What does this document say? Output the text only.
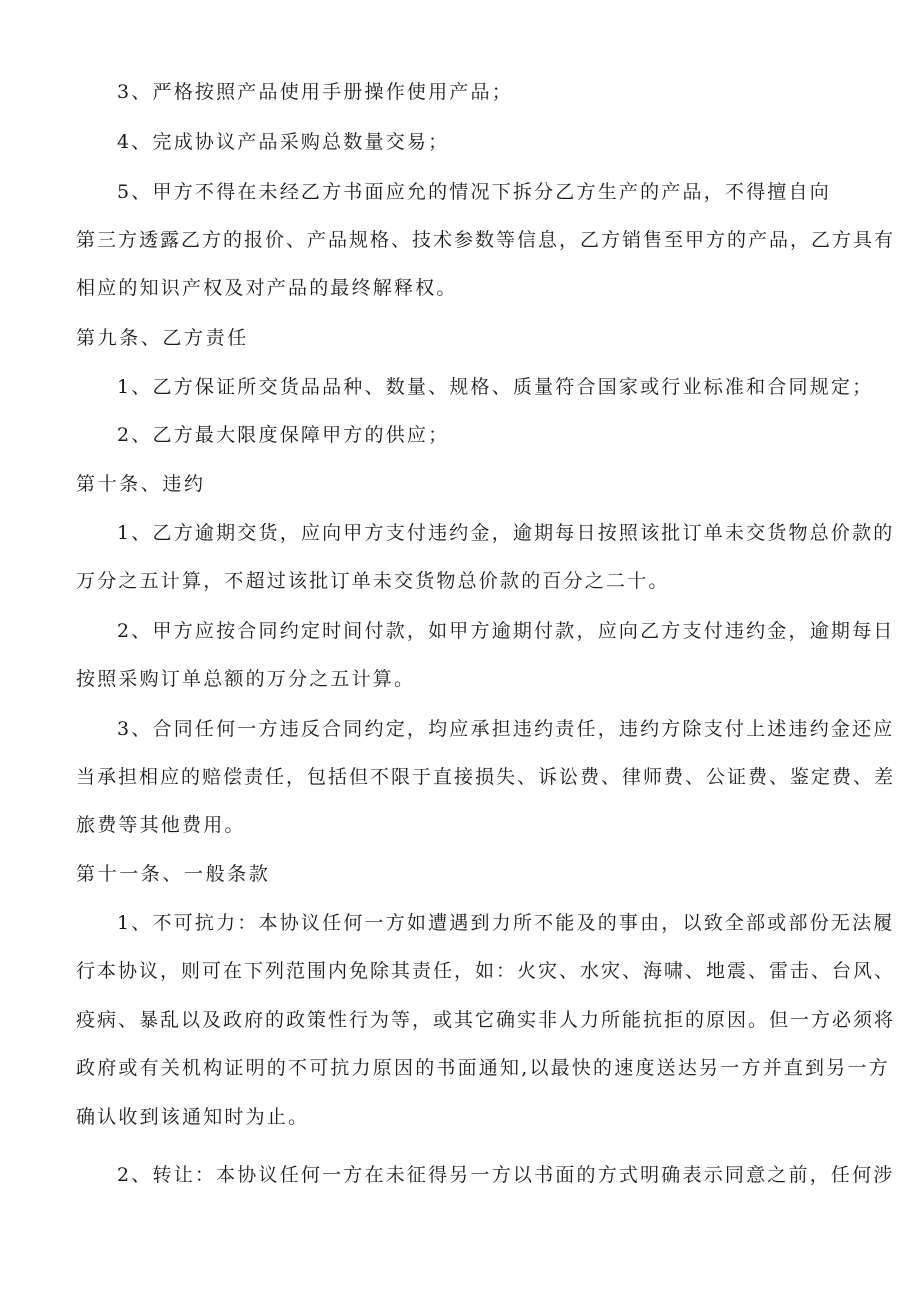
3、严格按照产品使用手册操作使用产品；
4、完成协议产品采购总数量交易；
5、甲方不得在未经乙方书面应允的情况下拆分乙方生产的产品，不得擅自向
第三方透露乙方的报价、产品规格、技术参数等信息，乙方销售至甲方的产品，乙方具有
相应的知识产权及对产品的最终解释权。
第九条、乙方责任
1、乙方保证所交货品品种、数量、规格、质量符合国家或行业标准和合同规定；
2、乙方最大限度保障甲方的供应；
第十条、违约
1、乙方逾期交货，应向甲方支付违约金，逾期每日按照该批订单未交货物总价款的
万分之五计算，不超过该批订单未交货物总价款的百分之二十。
2、甲方应按合同约定时间付款，如甲方逾期付款，应向乙方支付违约金，逾期每日
按照采购订单总额的万分之五计算。
3、合同任何一方违反合同约定，均应承担违约责任，违约方除支付上述违约金还应
当承担相应的赔偿责任，包括但不限于直接损失、诉讼费、律师费、公证费、鉴定费、差
旅费等其他费用。
第十一条、一般条款
1、不可抗力：本协议任何一方如遭遇到力所不能及的事由，以致全部或部份无法履
行本协议，则可在下列范围内免除其责任，如：火灾、水灾、海啸、地震、雷击、台风、
疫病、暴乱以及政府的政策性行为等，或其它确实非人力所能抗拒的原因。但一方必须将
政府或有关机构证明的不可抗力原因的书面通知,以最快的速度送达另一方并直到另一方
确认收到该通知时为止。
2、转让：本协议任何一方在未征得另一方以书面的方式明确表示同意之前，任何涉
